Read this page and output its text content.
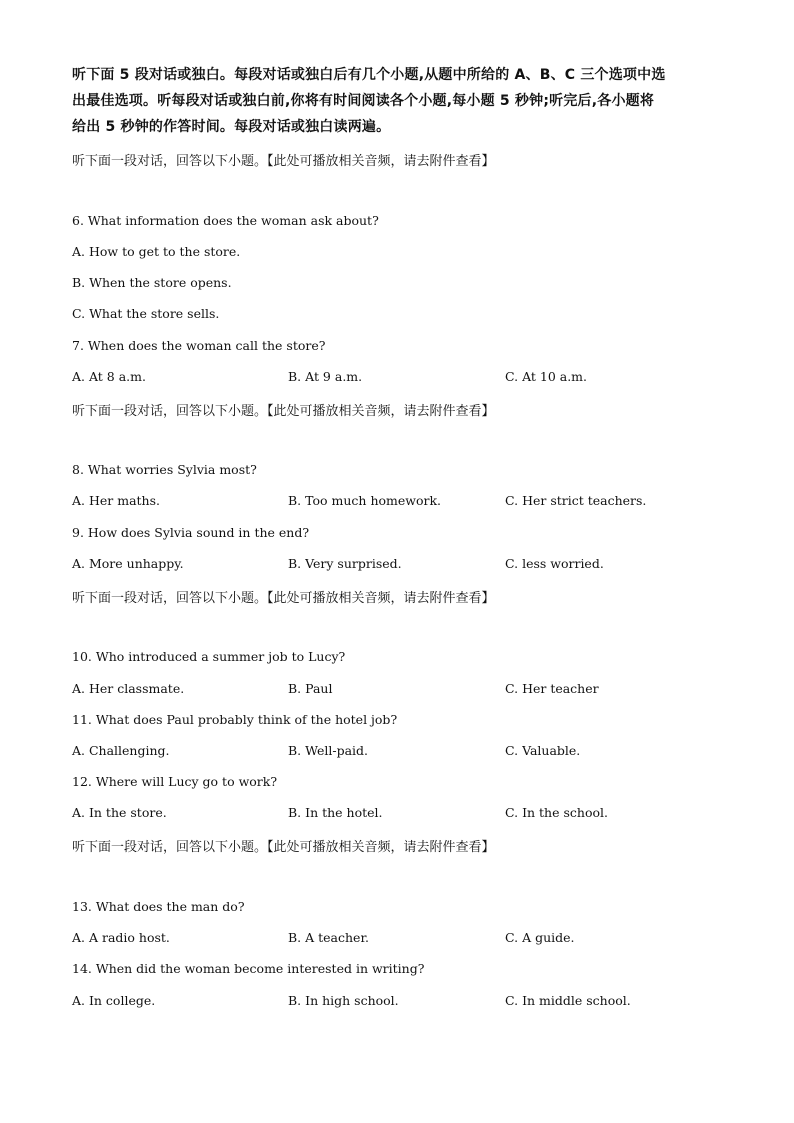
听下面 5 段对话或独白。每段对话或独白后有几个小题,从题中所给的 A、B、C 三个选项中选
出最佳选项。听每段对话或独白前,你将有时间阅读各个小题,每小题 5 秒钟;听完后,各小题将
给出 5 秒钟的作答时间。每段对话或独白读两遍。
听下面一段对话，回答以下小题。【此处可播放相关音频，请去附件查看】
6. What information does the woman ask about?
A. How to get to the store.
B. When the store opens.
C. What the store sells.
7. When does the woman call the store?
A. At 8 a.m.	B. At 9 a.m.	C. At 10 a.m.
听下面一段对话，回答以下小题。【此处可播放相关音频，请去附件查看】
8. What worries Sylvia most?
A. Her maths.	B. Too much homework.	C. Her strict teachers.
9. How does Sylvia sound in the end?
A. More unhappy.	B. Very surprised.	C. less worried.
听下面一段对话，回答以下小题。【此处可播放相关音频，请去附件查看】
10. Who introduced a summer job to Lucy?
A. Her classmate.	B. Paul	C. Her teacher
11. What does Paul probably think of the hotel job?
A. Challenging.	B. Well-paid.	C. Valuable.
12. Where will Lucy go to work?
A. In the store.	B. In the hotel.	C. In the school.
听下面一段对话，回答以下小题。【此处可播放相关音频，请去附件查看】
13. What does the man do?
A. A radio host.	B. A teacher.	C. A guide.
14. When did the woman become interested in writing?
A. In college.	B. In high school.	C. In middle school.
